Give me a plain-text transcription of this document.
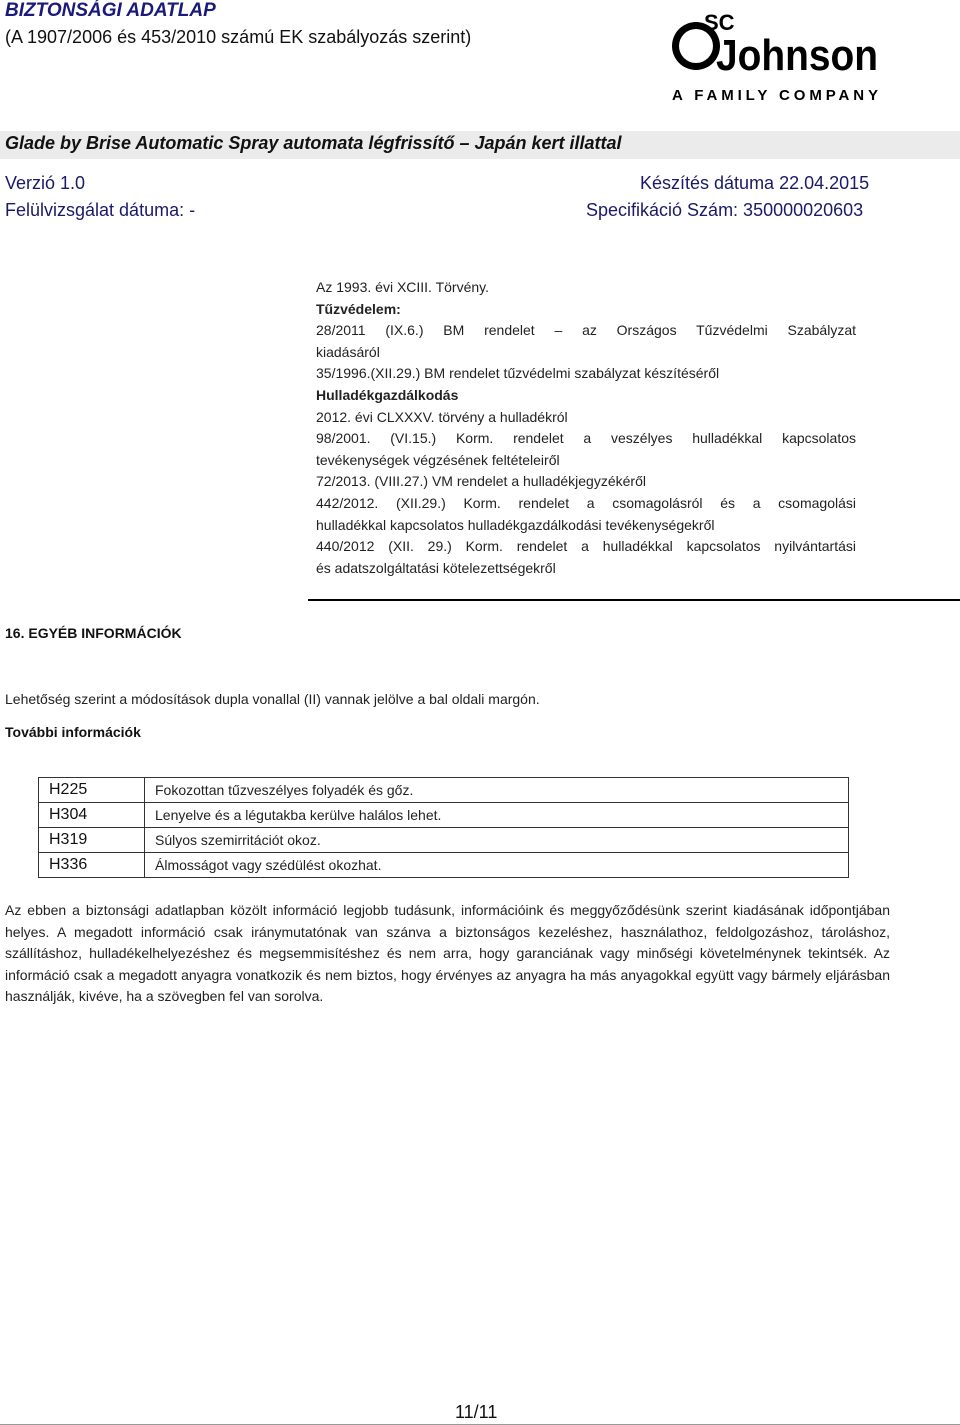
BIZTONSÁGI ADATLAP
(A 1907/2006 és 453/2010 számú EK szabályozás szerint)
SC
Johnson
A FAMILY COMPANY
Glade by Brise Automatic Spray automata légfrissítő – Japán kert illattal
Verzió 1.0	Készítés dátuma 22.04.2015
Felülvizsgálat dátuma: -	Specifikáció Szám: 350000020603

Az 1993. évi XCIII. Törvény.

Tűzvédelem:

28/2011 (IX.6.) BM rendelet – az Országos Tűzvédelmi Szabályzat

kiadásáról

35/1996.(XII.29.) BM rendelet tűzvédelmi szabályzat készítéséről

Hulladékgazdálkodás

2012. évi CLXXXV. törvény a hulladékról

98/2001. (VI.15.) Korm. rendelet a veszélyes hulladékkal kapcsolatos

tevékenységek végzésének feltételeiről

72/2013. (VIII.27.) VM rendelet a hulladékjegyzékéről

442/2012. (XII.29.) Korm. rendelet a csomagolásról és a csomagolási

hulladékkal kapcsolatos hulladékgazdálkodási tevékenységekről

440/2012 (XII. 29.) Korm. rendelet a hulladékkal kapcsolatos nyilvántartási

és adatszolgáltatási kötelezettségekről

16. EGYÉB INFORMÁCIÓK
Lehetőség szerint a módosítások dupla vonallal (II) vannak jelölve a bal oldali margón.
További információk
H225	Fokozottan tűzveszélyes folyadék és gőz.
H304	Lenyelve és a légutakba kerülve halálos lehet.
H319	Súlyos szemirritációt okoz.
H336	Álmosságot vagy szédülést okozhat.
Az ebben a biztonsági adatlapban közölt információ legjobb tudásunk, információink és meggyőződésünk szerint kiadásának időpontjában helyes. A megadott információ csak iránymutatónak van szánva a biztonságos kezeléshez, használathoz, feldolgozáshoz, tároláshoz, szállításhoz, hulladékelhelyezéshez és megsemmisítéshez és nem arra, hogy garanciának vagy minőségi követelménynek tekintsék. Az információ csak a megadott anyagra vonatkozik és nem biztos, hogy érvényes az anyagra ha más anyagokkal együtt vagy bármely eljárásban használják, kivéve, ha a szövegben fel van sorolva.
11/11
